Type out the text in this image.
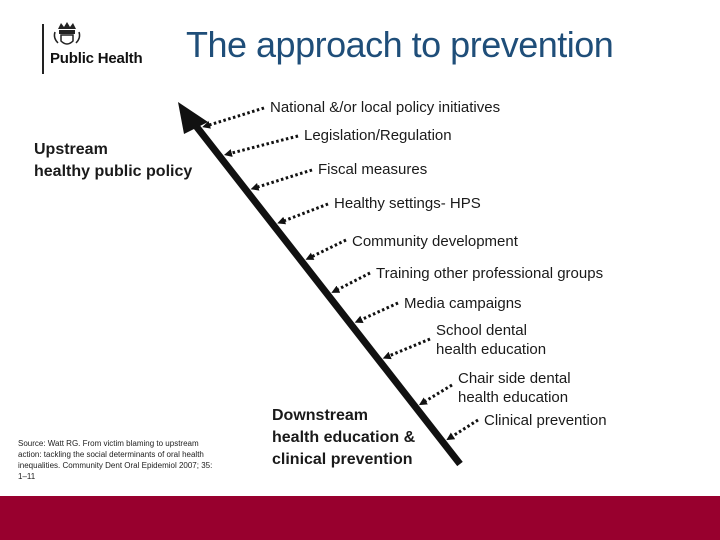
Public Health The approach to prevention
Upstream
healthy public policy
Downstream
health education &
clinical prevention
National &/or local policy initiatives
Legislation/Regulation
Fiscal measures
Healthy settings- HPS
Community development
Training other professional groups
Media campaigns
School dental
health education
Chair side dental
health education
Clinical prevention
Source: Watt RG. From victim blaming to upstream action: tackling the social determinants of oral health inequalities. Community Dent Oral Epidemiol 2007; 35: 1–11
6
